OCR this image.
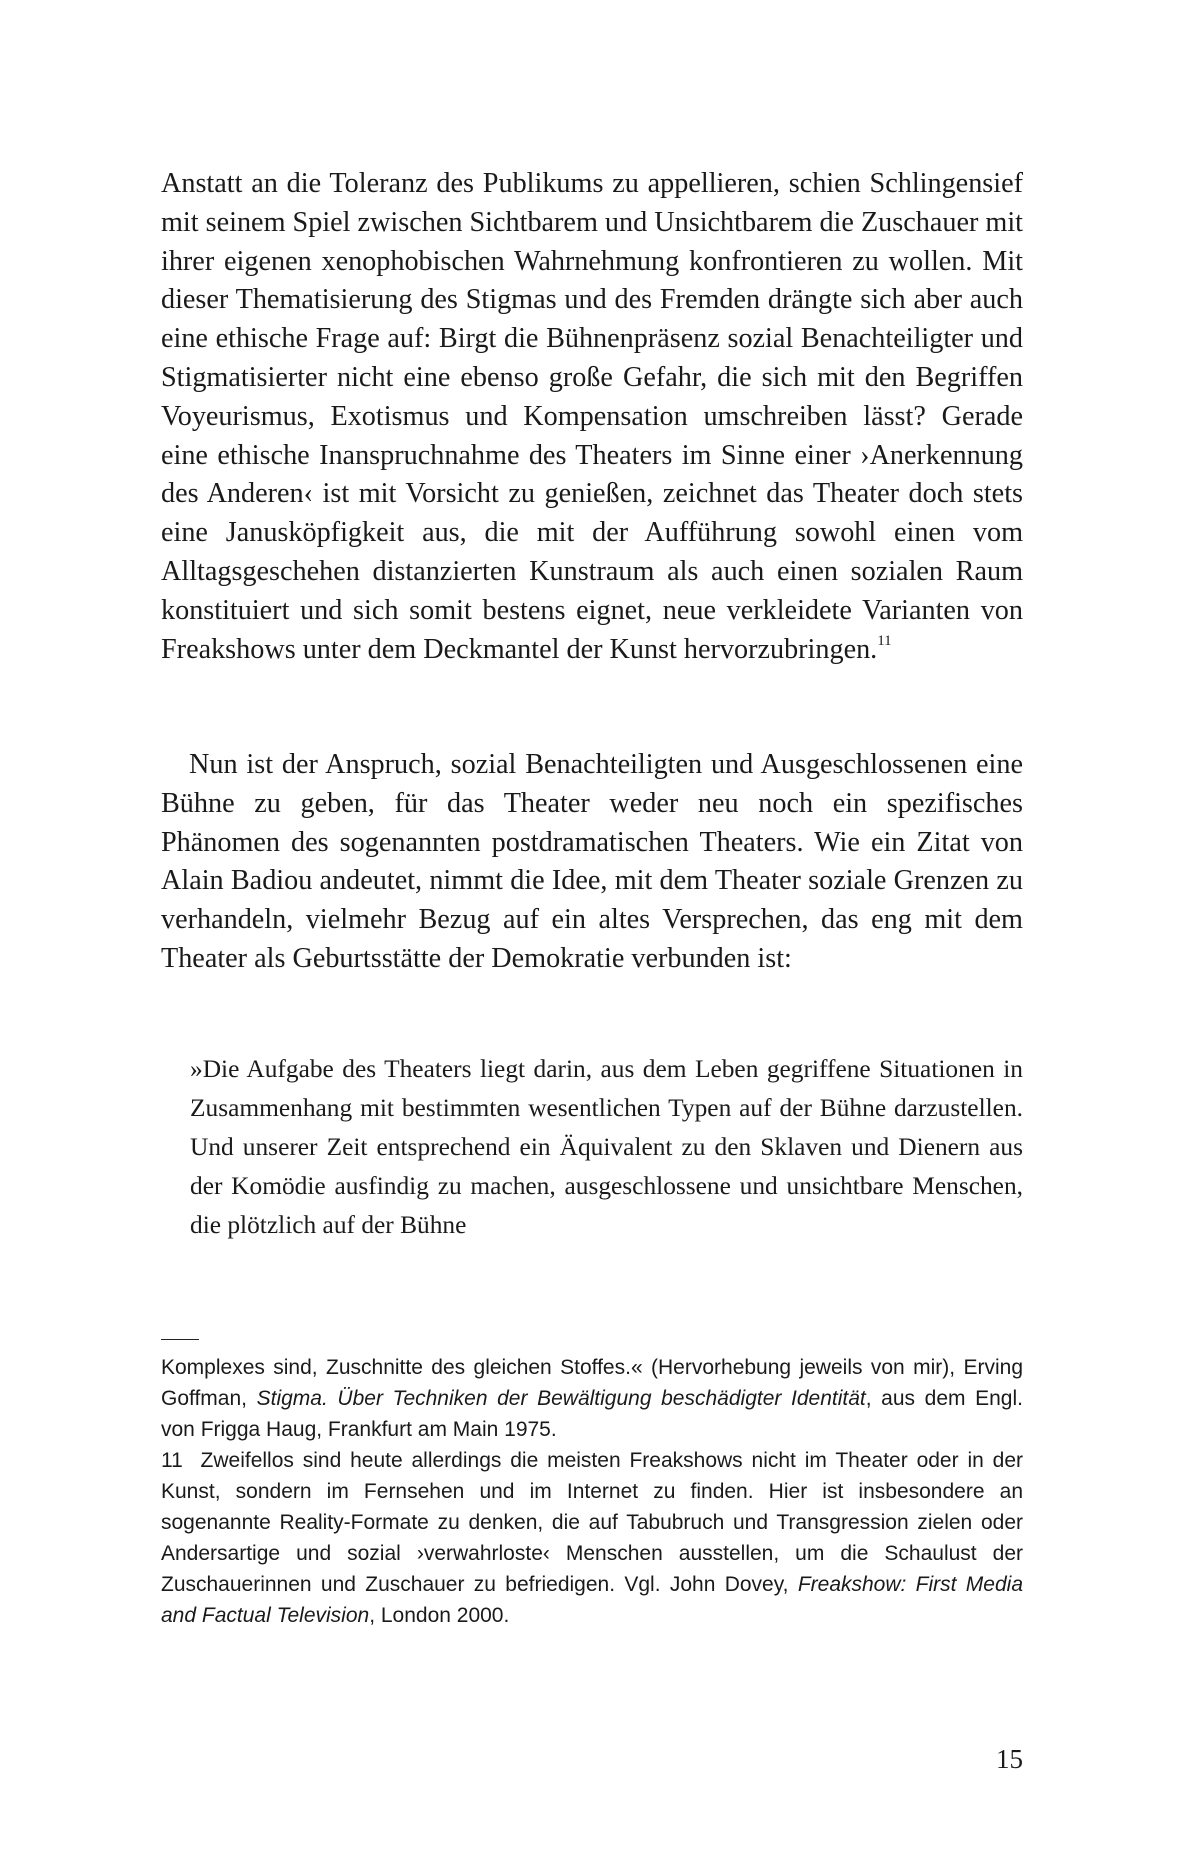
Anstatt an die Toleranz des Publikums zu appellieren, schien Schlingensief mit seinem Spiel zwischen Sichtbarem und Unsichtbarem die Zuschauer mit ihrer eigenen xenophobischen Wahrnehmung konfrontieren zu wollen. Mit dieser Thematisierung des Stigmas und des Fremden drängte sich aber auch eine ethische Frage auf: Birgt die Bühnenpräsenz sozial Benachteiligter und Stigmatisierter nicht eine ebenso große Gefahr, die sich mit den Begriffen Voyeurismus, Exotismus und Kompensation umschreiben lässt? Gerade eine ethische Inanspruchnahme des Theaters im Sinne einer ›Anerkennung des Anderen‹ ist mit Vorsicht zu genießen, zeichnet das Theater doch stets eine Janusköpfigkeit aus, die mit der Aufführung sowohl einen vom Alltagsgeschehen distanzierten Kunstraum als auch einen sozialen Raum konstituiert und sich somit bestens eignet, neue verkleidete Varianten von Freakshows unter dem Deckmantel der Kunst hervorzubringen.$^{11}$

Nun ist der Anspruch, sozial Benachteiligten und Ausgeschlossenen eine Bühne zu geben, für das Theater weder neu noch ein spezifisches Phänomen des sogenannten postdramatischen Theaters. Wie ein Zitat von Alain Badiou andeutet, nimmt die Idee, mit dem Theater soziale Grenzen zu verhandeln, vielmehr Bezug auf ein altes Versprechen, das eng mit dem Theater als Geburtsstätte der Demokratie verbunden ist:

»Die Aufgabe des Theaters liegt darin, aus dem Leben gegriffene Situationen in Zusammenhang mit bestimmten wesentlichen Typen auf der Bühne darzustellen. Und unserer Zeit entsprechend ein Äquivalent zu den Sklaven und Dienern aus der Komödie ausfindig zu machen, ausgeschlossene und unsichtbare Menschen, die plötzlich auf der Bühne

Komplexes sind, Zuschnitte des gleichen Stoffes.« (Hervorhebung jeweils von mir), Erving Goffman, Stigma. Über Techniken der Bewältigung beschädigter Identität, aus dem Engl. von Frigga Haug, Frankfurt am Main 1975.

11 Zweifellos sind heute allerdings die meisten Freakshows nicht im Theater oder in der Kunst, sondern im Fernsehen und im Internet zu finden. Hier ist insbesondere an sogenannte Reality-Formate zu denken, die auf Tabubruch und Transgression zielen oder Andersartige und sozial ›verwahrloste‹ Menschen ausstellen, um die Schaulust der Zuschauerinnen und Zuschauer zu befriedigen. Vgl. John Dovey, Freakshow: First Media and Factual Television, London 2000.

15
